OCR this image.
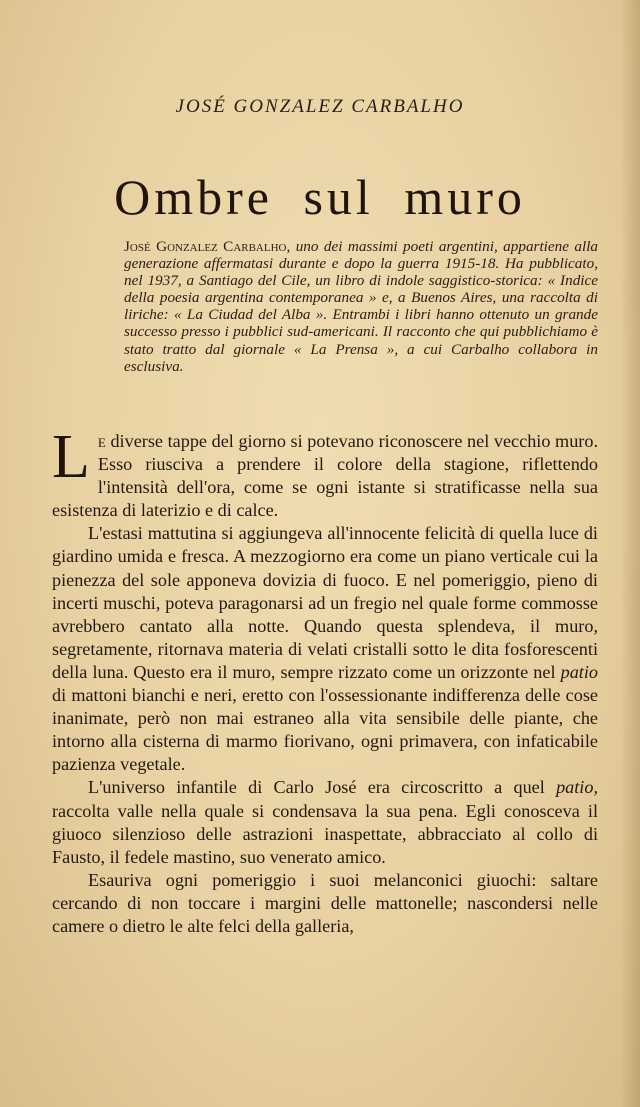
JOSÉ GONZALEZ CARBALHO
Ombre sul muro
José Gonzalez Carbalho, uno dei massimi poeti argentini, appartiene alla generazione affermatasi durante e dopo la guerra 1915-18. Ha pubblicato, nel 1937, a Santiago del Cile, un libro di indole saggistico-storica: « Indice della poesia argentina contemporanea » e, a Buenos Aires, una raccolta di liriche: « La Ciudad del Alba ». Entrambi i libri hanno ottenuto un grande successo presso i pubblici sud-americani. Il racconto che qui pubblichiamo è stato tratto dal giornale « La Prensa », a cui Carbalho collabora in esclusiva.

Le diverse tappe del giorno si potevano riconoscere nel vecchio muro. Esso riusciva a prendere il colore della stagione, riflettendo l'intensità dell'ora, come se ogni istante si stratificasse nella sua esistenza di laterizio e di calce.

L'estasi mattutina si aggiungeva all'innocente felicità di quella luce di giardino umida e fresca. A mezzogiorno era come un piano verticale cui la pienezza del sole apponeva dovizia di fuoco. E nel pomeriggio, pieno di incerti muschi, poteva paragonarsi ad un fregio nel quale forme commosse avrebbero cantato alla notte. Quando questa splendeva, il muro, segretamente, ritornava materia di velati cristalli sotto le dita fosforescenti della luna. Questo era il muro, sempre rizzato come un orizzonte nel patio di mattoni bianchi e neri, eretto con l'ossessionante indifferenza delle cose inanimate, però non mai estraneo alla vita sensibile delle piante, che intorno alla cisterna di marmo fiorivano, ogni primavera, con infaticabile pazienza vegetale.

L'universo infantile di Carlo José era circoscritto a quel patio, raccolta valle nella quale si condensava la sua pena. Egli conosceva il giuoco silenzioso delle astrazioni inaspettate, abbracciato al collo di Fausto, il fedele mastino, suo venerato amico.

Esauriva ogni pomeriggio i suoi melanconici giuochi: saltare cercando di non toccare i margini delle mattonelle; nascondersi nelle camere o dietro le alte felci della galleria,
